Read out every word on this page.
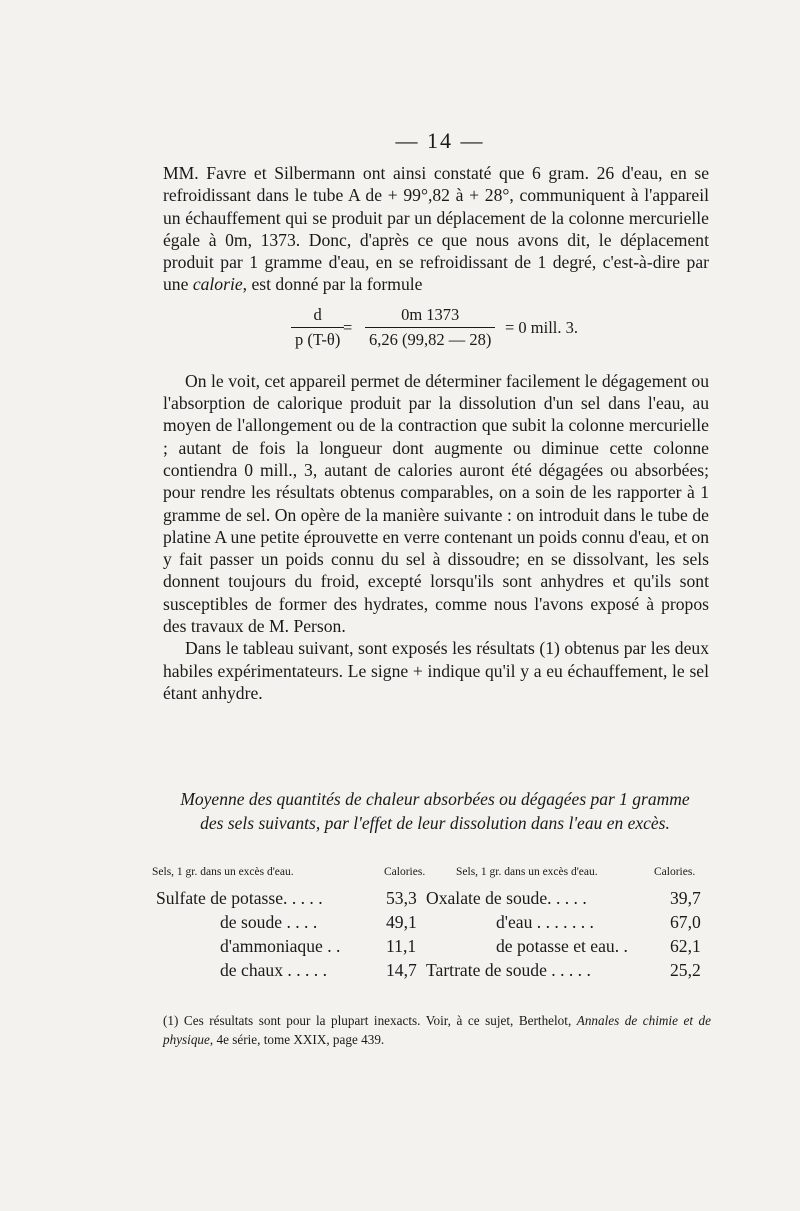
— 14 —

MM. Favre et Silbermann ont ainsi constaté que 6 gram. 26 d'eau, en se refroidissant dans le tube A de + 99°,82 à + 28°, communiquent à l'appareil un échauffement qui se produit par un déplacement de la colonne mercurielle égale à 0m, 1373. Donc, d'après ce que nous avons dit, le déplacement produit par 1 gramme d'eau, en se refroidissant de 1 degré, c'est-à-dire par une calorie, est donné par la formule

$\frac{d}{p (T-\theta)}$
= $\frac{0m 1373}{6,26 (99,82 — 28)} = 0$ mill. 3.

On le voit, cet appareil permet de déterminer facilement le dégagement ou l'absorption de calorique produit par la dissolution d'un sel dans l'eau, au moyen de l'allongement ou de la contraction que subit la colonne mercurielle ; autant de fois la longueur dont augmente ou diminue cette colonne contiendra 0 mill., 3, autant de calories auront été dégagées ou absorbées; pour rendre les résultats obtenus comparables, on a soin de les rapporter à 1 gramme de sel. On opère de la manière suivante : on introduit dans le tube de platine A une petite éprouvette en verre contenant un poids connu d'eau, et on y fait passer un poids connu du sel à dissoudre; en se dissolvant, les sels donnent toujours du froid, excepté lorsqu'ils sont anhydres et qu'ils sont susceptibles de former des hydrates, comme nous l'avons exposé à propos des travaux de M. Person.

Dans le tableau suivant, sont exposés les résultats (1) obtenus par les deux habiles expérimentateurs. Le signe + indique qu'il y a eu échauffement, le sel étant anhydre.

Moyenne des quantités de chaleur absorbées ou dégagées par 1 gramme
des sels suivants, par l'effet de leur dissolution dans l'eau en excès.
Sels, 1 gr. dans un excès d'eau.	Calories.	Sels, 1 gr. dans un excès d'eau.	Calories.
Sulfate de potasse. . . . .	53,3 Oxalate de soude. . . . .	39,7
de soude . . . .	49,1	d'eau . . . . . . .	67,0
d'ammoniaque . .	11,1	de potasse et eau. . 62,1
de chaux . . . . .	14,7 Tartrate de soude . . . . .	25,2
(1) Ces résultats sont pour la plupart inexacts. Voir, à ce sujet, Berthelot, Annales de chimie et de physique, 4e série, tome XXIX, page 439.
